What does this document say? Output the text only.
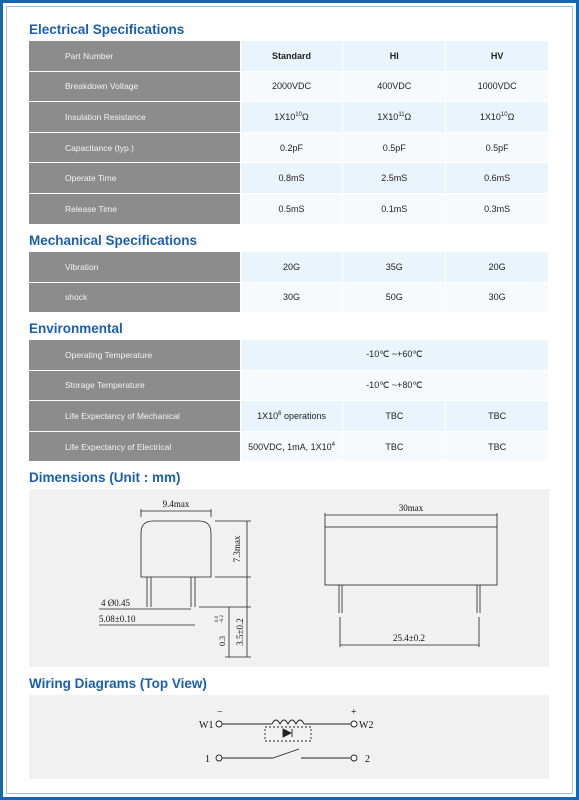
Electrical Specifications
Part Number	Standard	HI	HV
Breakdown Voltage	2000VDC	400VDC	1000VDC
Insulation Resistance	$1X10^{10}\Omega$	$1X10^{11}\Omega$	$1X10^{10}\Omega$
Capacitance (typ.)	0.2pF	0.5pF	0.5pF
Operate Time	0.8mS	2.5mS	0.6mS
Release Time	0.5mS	0.1mS	0.3mS
Mechanical Specifications
Vibration	20G	35G	20G
shock	30G	50G	30G
Environmental
Operating Temperature	-10℃ ~+60℃		
Storage Temperature	-10℃ ~+80℃		
Life Expectancy of Mechanical	$1X10^6$ operations	TBC	TBC
Life Expectancy of Electrical	500VDC, 1mA, $1X10^4$	TBC	TBC
Dimensions (Unit : mm)
9.4max
7.3max
4 Ø0.45
5.08±0.10	3.5±0.2
0.3
0.0 -0.2
30max
25.4±0.2
Wiring Diagrams (Top View)
W1
−	+
W2
1	2
